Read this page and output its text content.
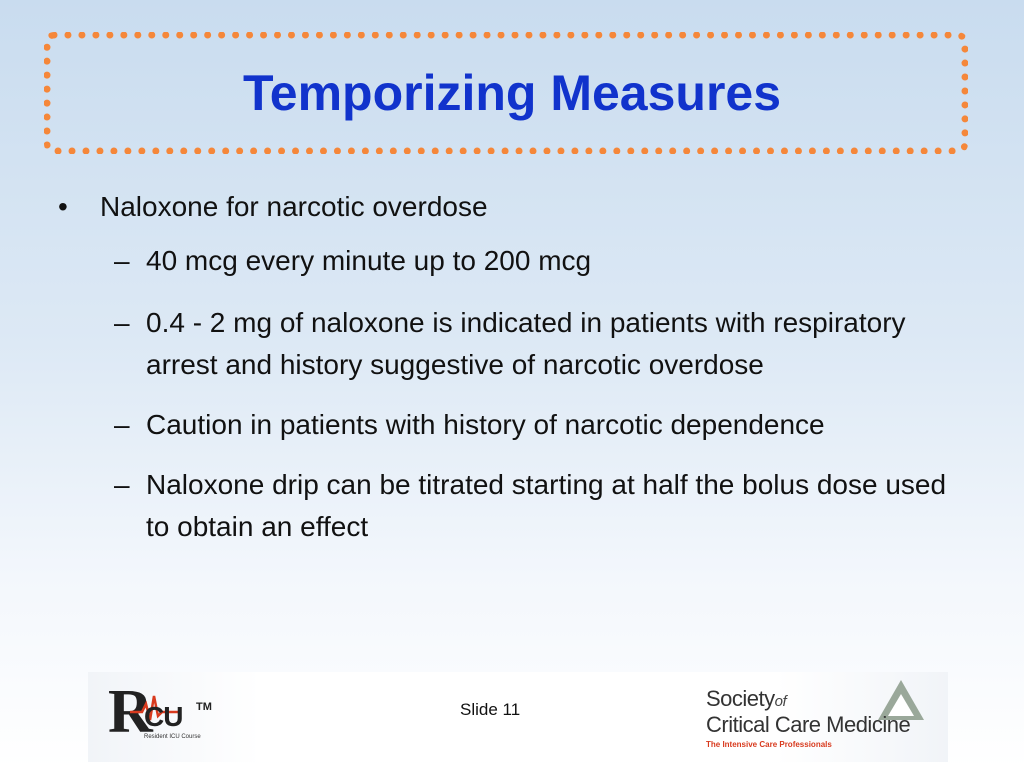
Temporizing Measures
• Naloxone for narcotic overdose
– 40 mcg every minute up to 200 mcg
– 0.4 - 2 mg of naloxone is indicated in patients with respiratory arrest and history suggestive of narcotic overdose
– Caution in patients with history of narcotic dependence
– Naloxone drip can be titrated starting at half the bolus dose used to obtain an effect
R
CU TM
Resident ICU Course
Slide 11	Societyof
Critical Care Medicine
The Intensive Care Professionals
